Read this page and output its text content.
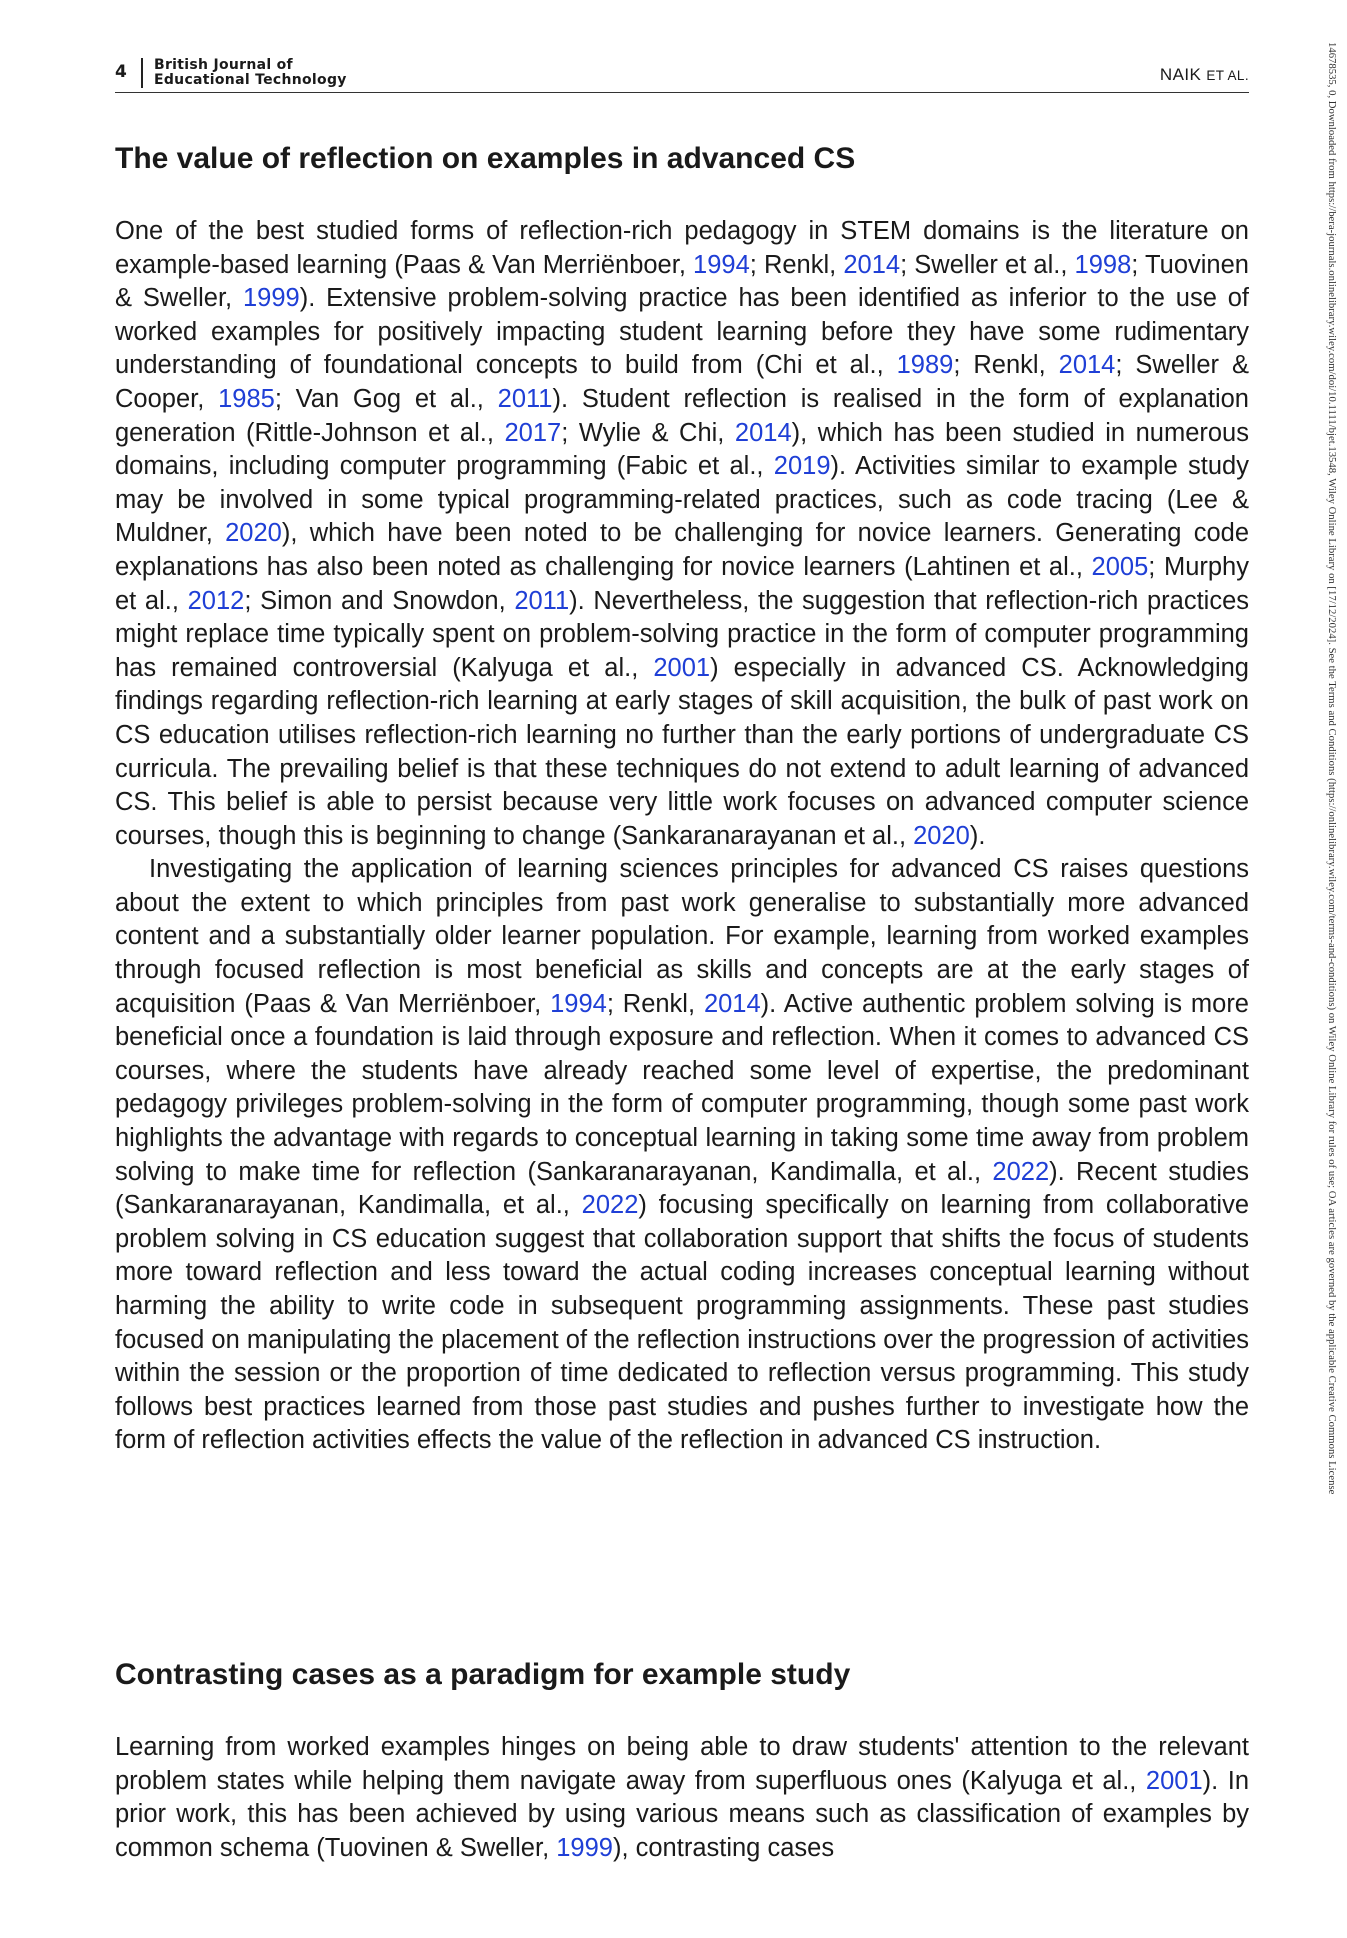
4 British Journal of
Educational Technology	NAIK ET AL.	14678535, 0, Downloaded from https://bera-journals.onlinelibrary.wiley.com/doi/10.1111/bjet.13548, Wiley Online Library on [17/12/2024]. See the Terms and Conditions (https://onlinelibrary.wiley.com/terms-and-conditions) on Wiley Online Library for rules of use; OA articles are governed by the applicable Creative Commons License
The value of reflection on examples in advanced CS

One of the best studied forms of reflection-rich pedagogy in STEM domains is the literature on example-based learning (Paas & Van Merriënboer, 1994; Renkl, 2014; Sweller et al., 1998; Tuovinen & Sweller, 1999). Extensive problem-solving practice has been identified as inferior to the use of worked examples for positively impacting student learning before they have some rudimentary understanding of foundational concepts to build from (Chi et al., 1989; Renkl, 2014; Sweller & Cooper, 1985; Van Gog et al., 2011). Student reflection is realised in the form of explanation generation (Rittle-Johnson et al., 2017; Wylie & Chi, 2014), which has been studied in numerous domains, including computer programming (Fabic et al., 2019). Activities similar to example study may be involved in some typical programming-related practices, such as code tracing (Lee & Muldner, 2020), which have been noted to be challenging for novice learners. Generating code explanations has also been noted as challenging for novice learners (Lahtinen et al., 2005; Murphy et al., 2012; Simon and Snowdon, 2011). Nevertheless, the suggestion that reflection-rich practices might replace time typically spent on problem-solving practice in the form of computer programming has remained controversial (Kalyuga et al., 2001) especially in advanced CS. Acknowledging findings regarding reflection-rich learning at early stages of skill acquisition, the bulk of past work on CS education utilises reflection-rich learning no further than the early portions of undergraduate CS curricula. The prevailing belief is that these techniques do not extend to adult learning of advanced CS. This belief is able to persist because very little work focuses on advanced computer science courses, though this is beginning to change (Sankaranarayanan et al., 2020).

Investigating the application of learning sciences principles for advanced CS raises questions about the extent to which principles from past work generalise to substantially more advanced content and a substantially older learner population. For example, learning from worked examples through focused reflection is most beneficial as skills and concepts are at the early stages of acquisition (Paas & Van Merriënboer, 1994; Renkl, 2014). Active authentic problem solving is more beneficial once a foundation is laid through exposure and reflection. When it comes to advanced CS courses, where the students have already reached some level of expertise, the predominant pedagogy privileges problem-solving in the form of computer programming, though some past work highlights the advantage with regards to conceptual learning in taking some time away from problem solving to make time for reflection (Sankaranarayanan, Kandimalla, et al., 2022). Recent studies (Sankaranarayanan, Kandimalla, et al., 2022) focusing specifically on learning from collaborative problem solving in CS education suggest that collaboration support that shifts the focus of students more toward reflection and less toward the actual coding increases conceptual learning without harming the ability to write code in subsequent programming assignments. These past studies focused on manipulating the placement of the reflection instructions over the progression of activities within the session or the proportion of time dedicated to reflection versus programming. This study follows best practices learned from those past studies and pushes further to investigate how the form of reflection activities effects the value of the reflection in advanced CS instruction.

Contrasting cases as a paradigm for example study

Learning from worked examples hinges on being able to draw students' attention to the relevant problem states while helping them navigate away from superfluous ones (Kalyuga et al., 2001). In prior work, this has been achieved by using various means such as classification of examples by common schema (Tuovinen & Sweller, 1999), contrasting cases
